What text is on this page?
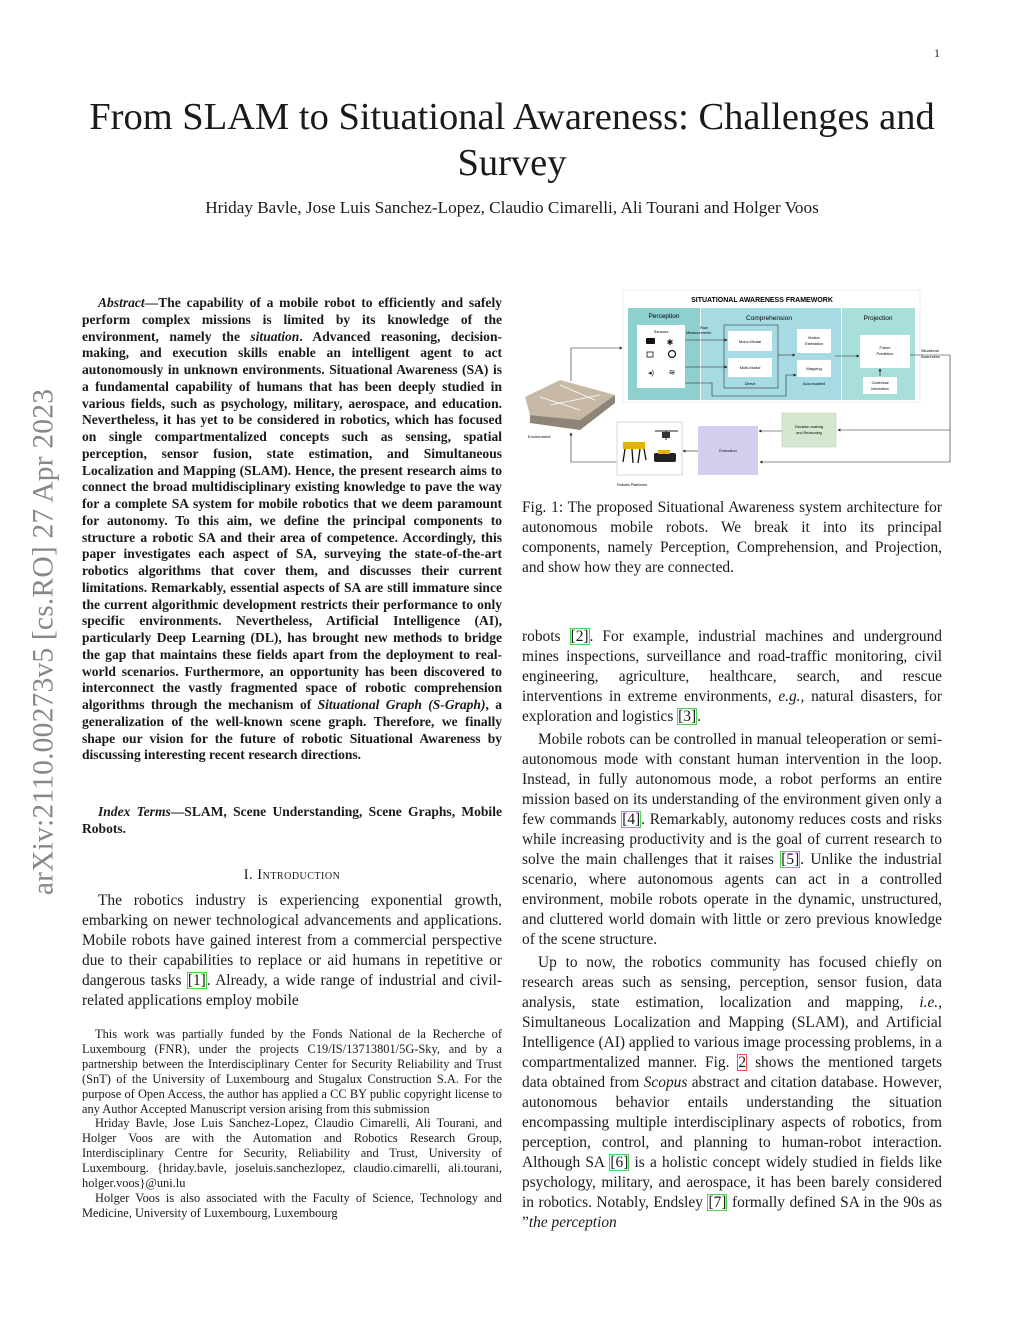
1
arXiv:2110.00273v5 [cs.RO] 27 Apr 2023
From SLAM to Situational Awareness: Challenges and Survey
Hriday Bavle, Jose Luis Sanchez-Lopez, Claudio Cimarelli, Ali Tourani and Holger Voos

Abstract—The capability of a mobile robot to efficiently and safely perform complex missions is limited by its knowledge of the environment, namely the situation. Advanced reasoning, decision-making, and execution skills enable an intelligent agent to act autonomously in unknown environments. Situational Awareness (SA) is a fundamental capability of humans that has been deeply studied in various fields, such as psychology, military, aerospace, and education. Nevertheless, it has yet to be considered in robotics, which has focused on single compartmentalized concepts such as sensing, spatial perception, sensor fusion, state estimation, and Simultaneous Localization and Mapping (SLAM). Hence, the present research aims to connect the broad multidisciplinary existing knowledge to pave the way for a complete SA system for mobile robotics that we deem paramount for autonomy. To this aim, we define the principal components to structure a robotic SA and their area of competence. Accordingly, this paper investigates each aspect of SA, surveying the state-of-the-art robotics algorithms that cover them, and discusses their current limitations. Remarkably, essential aspects of SA are still immature since the current algorithmic development restricts their performance to only specific environments. Nevertheless, Artificial Intelligence (AI), particularly Deep Learning (DL), has brought new methods to bridge the gap that maintains these fields apart from the deployment to real-world scenarios. Furthermore, an opportunity has been discovered to interconnect the vastly fragmented space of robotic comprehension algorithms through the mechanism of Situational Graph (S-Graph), a generalization of the well-known scene graph. Therefore, we finally shape our vision for the future of robotic Situational Awareness by discussing interesting recent research directions.

Index Terms—SLAM, Scene Understanding, Scene Graphs, Mobile Robots.

I. Introduction

The robotics industry is experiencing exponential growth, embarking on newer technological advancements and applications. Mobile robots have gained interest from a commercial perspective due to their capabilities to replace or aid humans in repetitive or dangerous tasks [1]. Already, a wide range of industrial and civil-related applications employ mobile

This work was partially funded by the Fonds National de la Recherche of Luxembourg (FNR), under the projects C19/IS/13713801/5G-Sky, and by a partnership between the Interdisciplinary Center for Security Reliability and Trust (SnT) of the University of Luxembourg and Stugalux Construction S.A. For the purpose of Open Access, the author has applied a CC BY public copyright license to any Author Accepted Manuscript version arising from this submission

Hriday Bavle, Jose Luis Sanchez-Lopez, Claudio Cimarelli, Ali Tourani, and Holger Voos are with the Automation and Robotics Research Group, Interdisciplinary Centre for Security, Reliability and Trust, University of Luxembourg. {hriday.bavle, joseluis.sanchezlopez, claudio.cimarelli, ali.tourani, holger.voos}@uni.lu

Holger Voos is also associated with the Faculty of Science, Technology and Medicine, University of Luxembourg, Luxembourg

SITUATIONAL AWARENESS FRAMEWORK
Perception	Comprehension	Projection
Sensors
✱
◂) ≋
Raw Measurements
Mono-Modal
Multi-Modal
Direct
Motion Estimation
Mapping
Accumulated
Future Prediction
Contextual Information
Situational Awareness
Environment
Robotic Platforms
Execution
Decision-making and Reasoning

Fig. 1: The proposed Situational Awareness system architecture for autonomous mobile robots. We break it into its principal components, namely Perception, Comprehension, and Projection, and show how they are connected.

robots [2]. For example, industrial machines and underground mines inspections, surveillance and road-traffic monitoring, civil engineering, agriculture, healthcare, search, and rescue interventions in extreme environments, e.g., natural disasters, for exploration and logistics [3].

Mobile robots can be controlled in manual teleoperation or semi-autonomous mode with constant human intervention in the loop. Instead, in fully autonomous mode, a robot performs an entire mission based on its understanding of the environment given only a few commands [4]. Remarkably, autonomy reduces costs and risks while increasing productivity and is the goal of current research to solve the main challenges that it raises [5]. Unlike the industrial scenario, where autonomous agents can act in a controlled environment, mobile robots operate in the dynamic, unstructured, and cluttered world domain with little or zero previous knowledge of the scene structure.

Up to now, the robotics community has focused chiefly on research areas such as sensing, perception, sensor fusion, data analysis, state estimation, localization and mapping, i.e., Simultaneous Localization and Mapping (SLAM), and Artificial Intelligence (AI) applied to various image processing problems, in a compartmentalized manner. Fig. 2 shows the mentioned targets data obtained from Scopus abstract and citation database. However, autonomous behavior entails understanding the situation encompassing multiple interdisciplinary aspects of robotics, from perception, control, and planning to human-robot interaction. Although SA [6] is a holistic concept widely studied in fields like psychology, military, and aerospace, it has been barely considered in robotics. Notably, Endsley [7] formally defined SA in the 90s as ”the perception
